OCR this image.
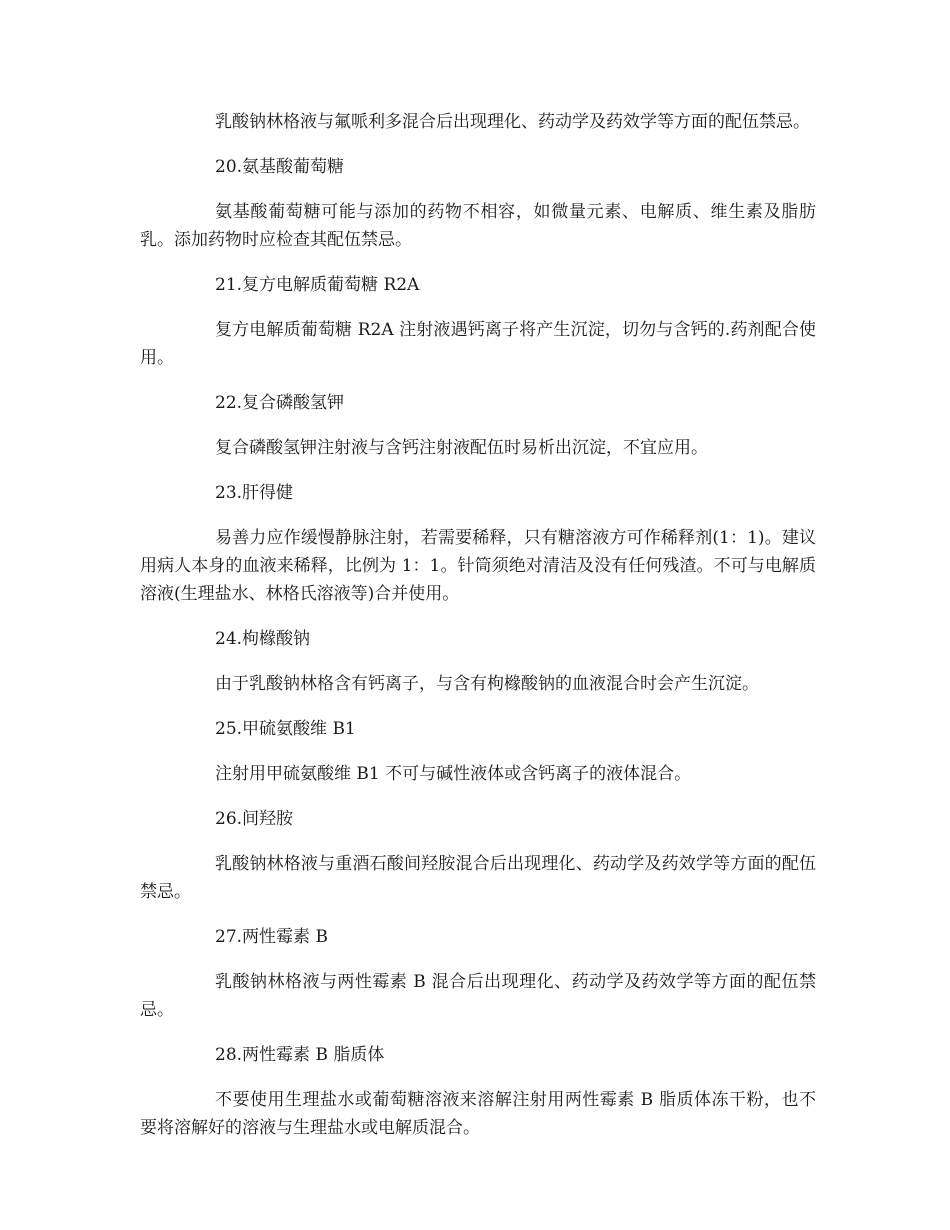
乳酸钠林格液与氟哌利多混合后出现理化、药动学及药效学等方面的配伍禁忌。

20.氨基酸葡萄糖

氨基酸葡萄糖可能与添加的药物不相容，如微量元素、电解质、维生素及脂肪乳。添加药物时应检查其配伍禁忌。

21.复方电解质葡萄糖 R2A

复方电解质葡萄糖 R2A 注射液遇钙离子将产生沉淀，切勿与含钙的.药剂配合使用。

22.复合磷酸氢钾

复合磷酸氢钾注射液与含钙注射液配伍时易析出沉淀，不宜应用。

23.肝得健

易善力应作缓慢静脉注射，若需要稀释，只有糖溶液方可作稀释剂(1：1)。建议用病人本身的血液来稀释，比例为 1：1。针筒须绝对清洁及没有任何残渣。不可与电解质溶液(生理盐水、林格氏溶液等)合并使用。

24.枸橼酸钠

由于乳酸钠林格含有钙离子，与含有枸橼酸钠的血液混合时会产生沉淀。

25.甲硫氨酸维 B1

注射用甲硫氨酸维 B1 不可与碱性液体或含钙离子的液体混合。

26.间羟胺

乳酸钠林格液与重酒石酸间羟胺混合后出现理化、药动学及药效学等方面的配伍禁忌。

27.两性霉素 B

乳酸钠林格液与两性霉素 B 混合后出现理化、药动学及药效学等方面的配伍禁忌。

28.两性霉素 B 脂质体

不要使用生理盐水或葡萄糖溶液来溶解注射用两性霉素 B 脂质体冻干粉，也不要将溶解好的溶液与生理盐水或电解质混合。
